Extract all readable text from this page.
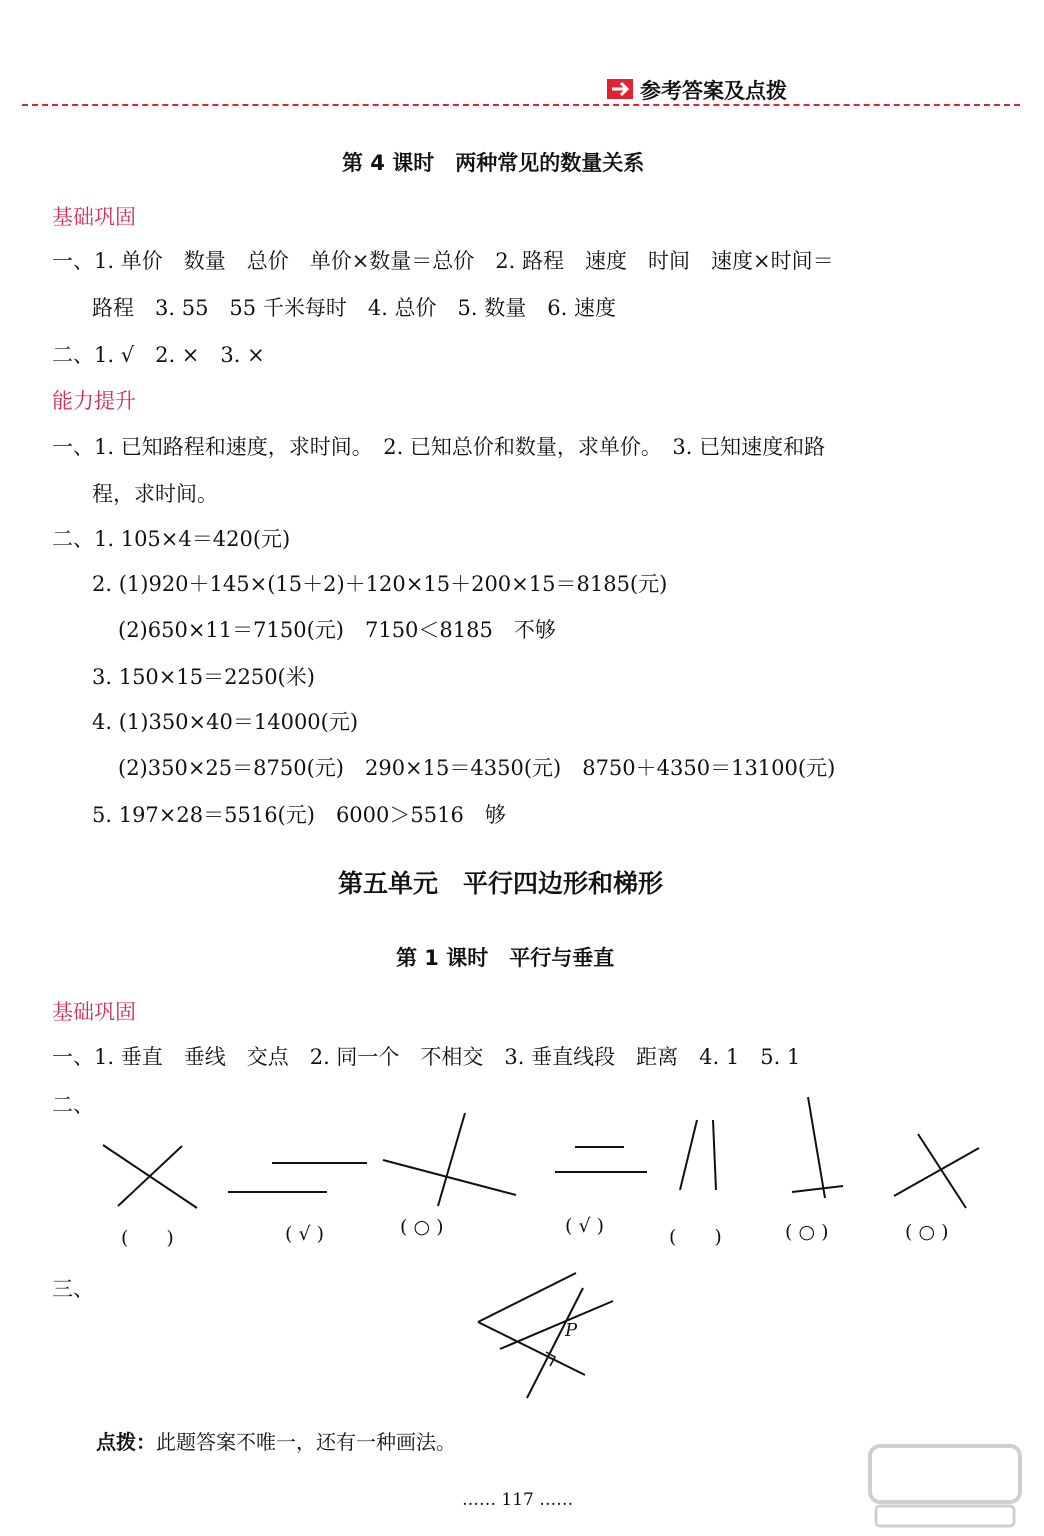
参考答案及点拨
第 4 课时　两种常见的数量关系
基础巩固
一、1. 单价　数量　总价　单价×数量＝总价　2. 路程　速度　时间　速度×时间＝
路程　3. 55　55 千米每时　4. 总价　5. 数量　6. 速度
二、1. √　2. ×　3. ×
能力提升
一、1. 已知路程和速度，求时间。　2. 已知总价和数量，求单价。　3. 已知速度和路
程，求时间。
二、1. 105×4＝420(元)
2. (1)920＋145×(15＋2)＋120×15＋200×15＝8185(元)
(2)650×11＝7150(元)　7150＜8185　不够
3. 150×15＝2250(米)
4. (1)350×40＝14000(元)
(2)350×25＝8750(元)　290×15＝4350(元)　8750＋4350＝13100(元)
5. 197×28＝5516(元)　6000＞5516　够
第五单元　平行四边形和梯形
第 1 课时　平行与垂直
基础巩固
一、1. 垂直　垂线　交点　2. 同一个　不相交　3. 垂直线段　距离　4. 1　5. 1
二、
(　　)	( √ )	( ○ )	( √ )	(　　)	( ○ )	( ○ )
三、
P
点拨：此题答案不唯一，还有一种画法。
…… 117 ……
